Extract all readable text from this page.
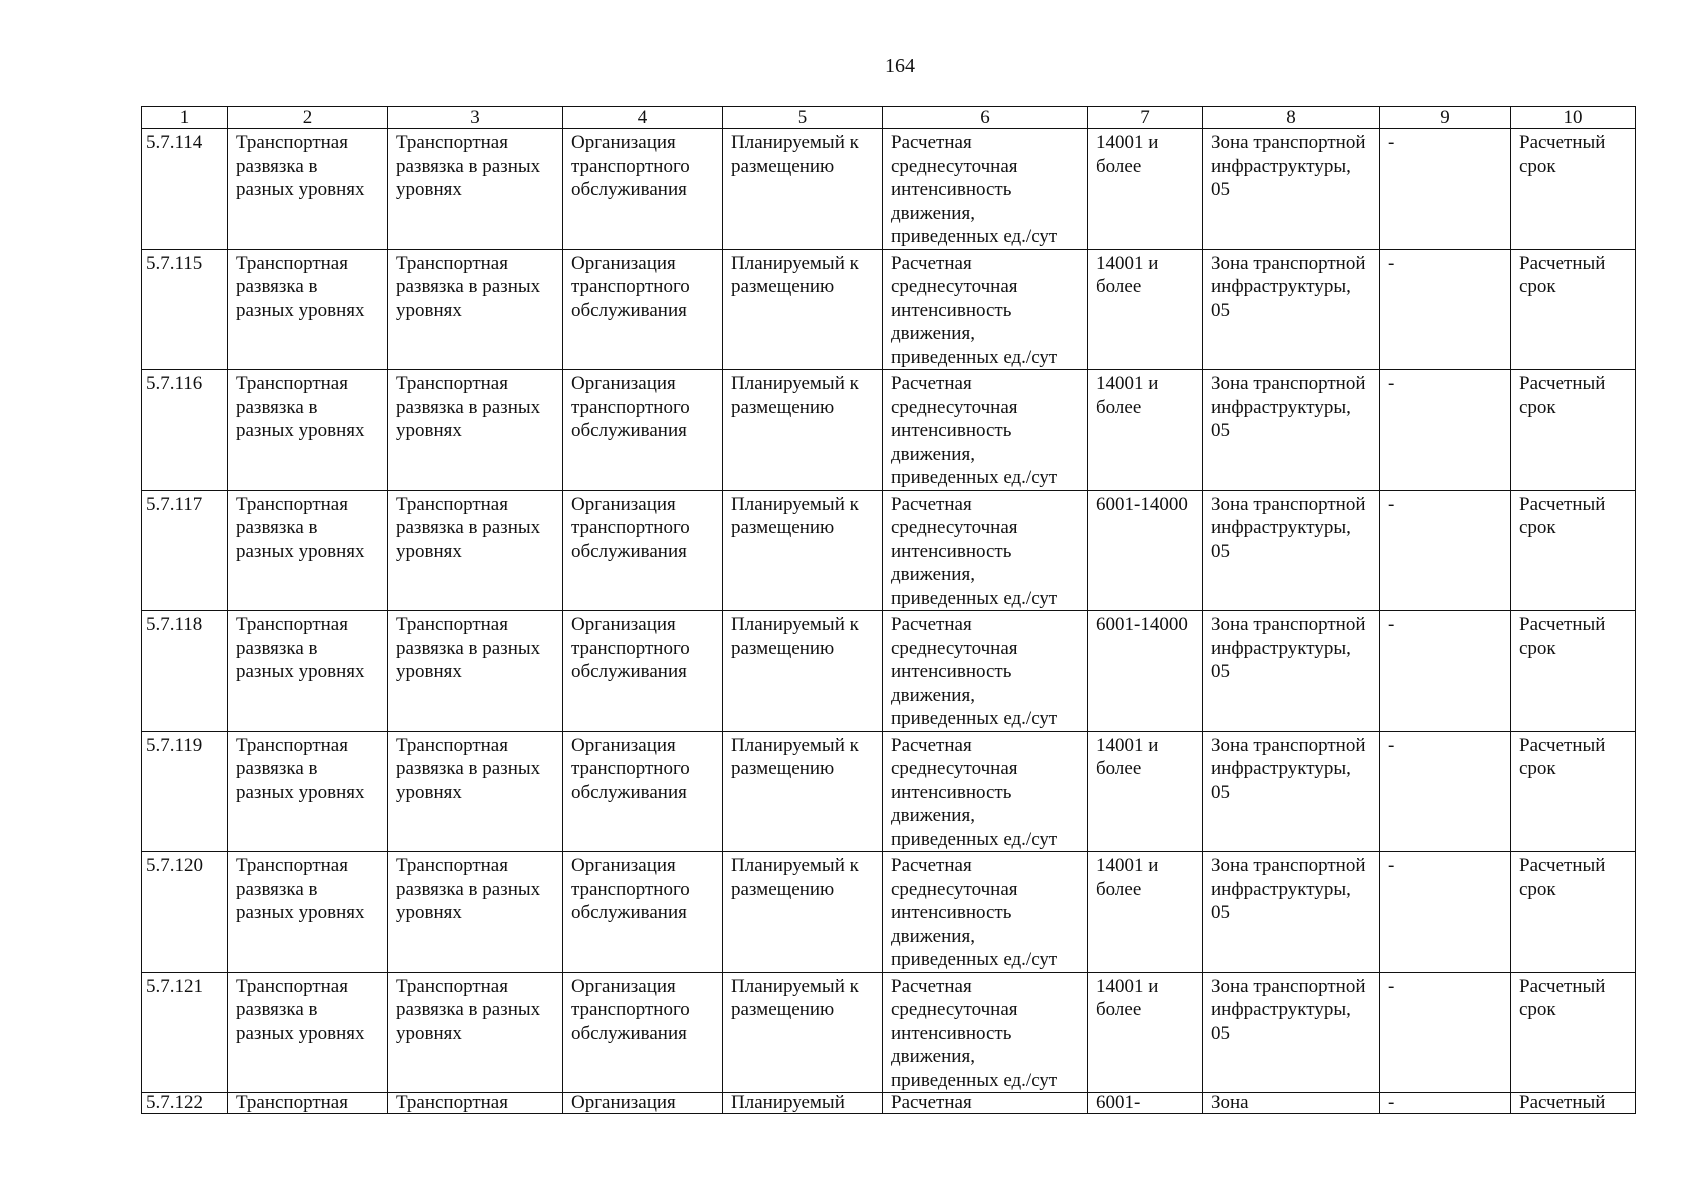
164
1	2	3	4	5	6	7	8	9	10
5.7.114	Транспортная развязка в разных уровнях	Транспортная развязка в разных уровнях	Организация транспортного обслуживания	Планируемый к размещению	Расчетная среднесуточная интенсивность движения, приведенных ед./сут	14001 и более	Зона транспортной инфраструктуры, 05	-	Расчетный срок
5.7.115	Транспортная развязка в разных уровнях	Транспортная развязка в разных уровнях	Организация транспортного обслуживания	Планируемый к размещению	Расчетная среднесуточная интенсивность движения, приведенных ед./сут	14001 и более	Зона транспортной инфраструктуры, 05	-	Расчетный срок
5.7.116	Транспортная развязка в разных уровнях	Транспортная развязка в разных уровнях	Организация транспортного обслуживания	Планируемый к размещению	Расчетная среднесуточная интенсивность движения, приведенных ед./сут	14001 и более	Зона транспортной инфраструктуры, 05	-	Расчетный срок
5.7.117	Транспортная развязка в разных уровнях	Транспортная развязка в разных уровнях	Организация транспортного обслуживания	Планируемый к размещению	Расчетная среднесуточная интенсивность движения, приведенных ед./сут	6001-14000	Зона транспортной инфраструктуры, 05	-	Расчетный срок
5.7.118	Транспортная развязка в разных уровнях	Транспортная развязка в разных уровнях	Организация транспортного обслуживания	Планируемый к размещению	Расчетная среднесуточная интенсивность движения, приведенных ед./сут	6001-14000	Зона транспортной инфраструктуры, 05	-	Расчетный срок
5.7.119	Транспортная развязка в разных уровнях	Транспортная развязка в разных уровнях	Организация транспортного обслуживания	Планируемый к размещению	Расчетная среднесуточная интенсивность движения, приведенных ед./сут	14001 и более	Зона транспортной инфраструктуры, 05	-	Расчетный срок
5.7.120	Транспортная развязка в разных уровнях	Транспортная развязка в разных уровнях	Организация транспортного обслуживания	Планируемый к размещению	Расчетная среднесуточная интенсивность движения, приведенных ед./сут	14001 и более	Зона транспортной инфраструктуры, 05	-	Расчетный срок
5.7.121	Транспортная развязка в разных уровнях	Транспортная развязка в разных уровнях	Организация транспортного обслуживания	Планируемый к размещению	Расчетная среднесуточная интенсивность движения, приведенных ед./сут	14001 и более	Зона транспортной инфраструктуры, 05	-	Расчетный срок
5.7.122	Транспортная	Транспортная	Организация	Планируемый	Расчетная	6001-	Зона	-	Расчетный
